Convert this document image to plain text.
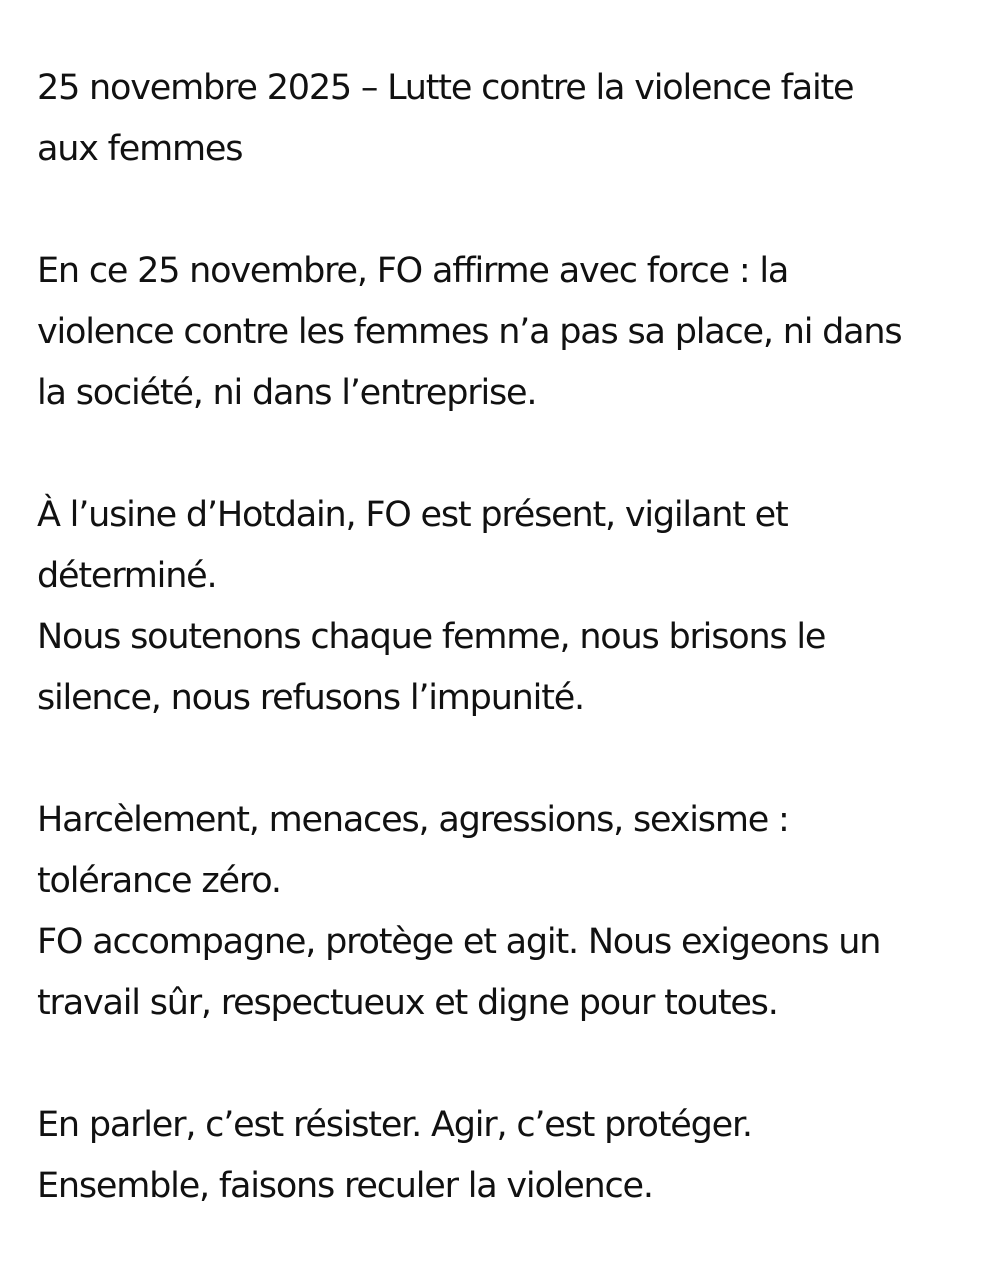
25 novembre 2025 – Lutte contre la violence faite
aux femmes
En ce 25 novembre, FO affirme avec force : la
violence contre les femmes n’a pas sa place, ni dans
la société, ni dans l’entreprise.
À l’usine d’Hotdain, FO est présent, vigilant et
déterminé.
Nous soutenons chaque femme, nous brisons le
silence, nous refusons l’impunité.
Harcèlement, menaces, agressions, sexisme :
tolérance zéro.
FO accompagne, protège et agit. Nous exigeons un
travail sûr, respectueux et digne pour toutes.
En parler, c’est résister. Agir, c’est protéger.
Ensemble, faisons reculer la violence.
